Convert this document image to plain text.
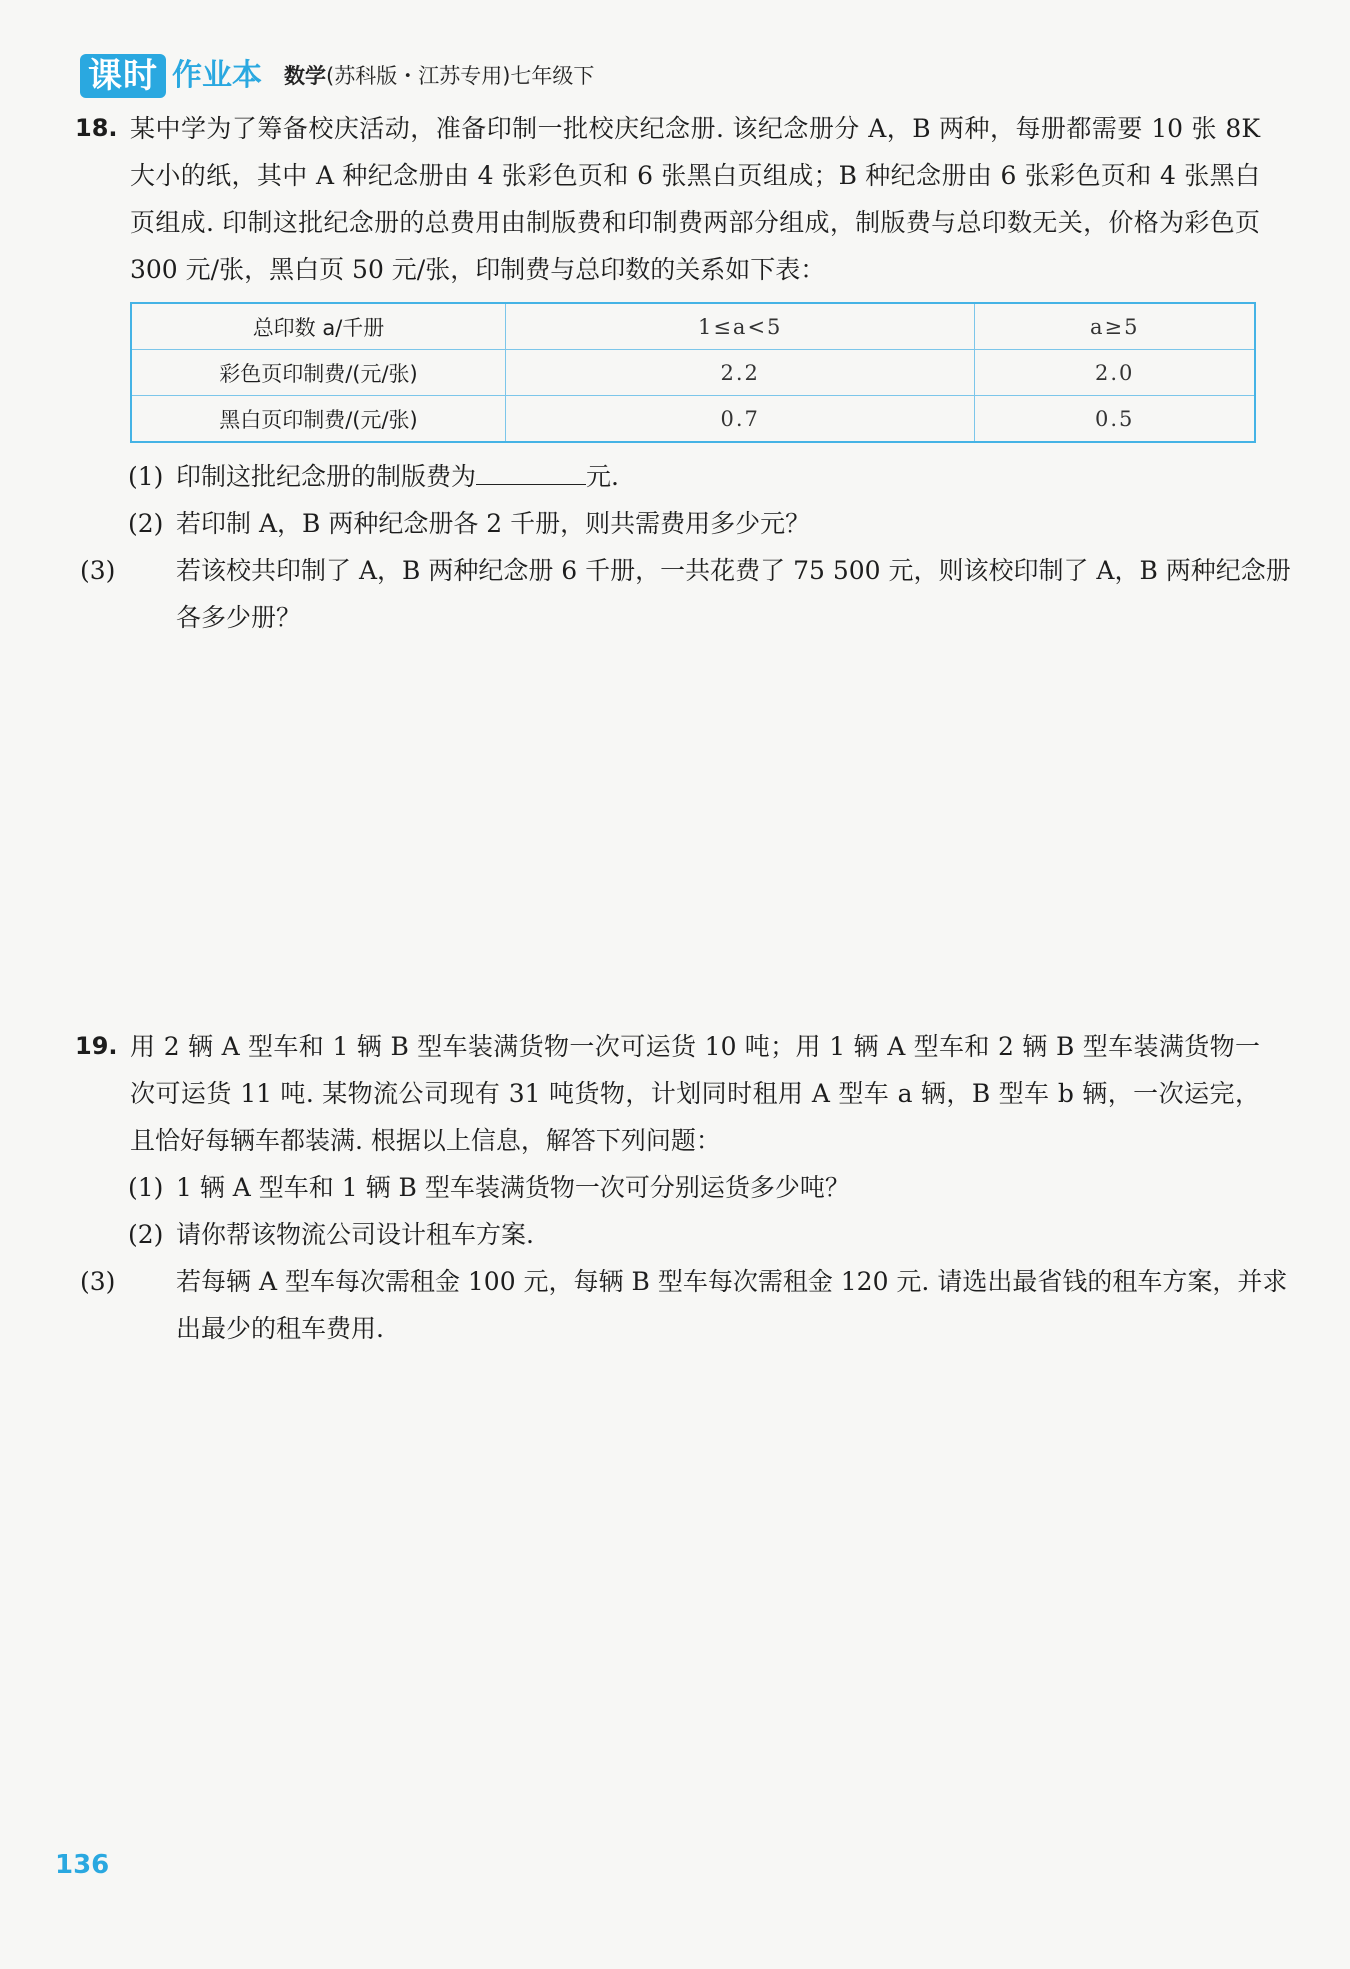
课时 作业本 数学(苏科版・江苏专用)七年级下
18. 某中学为了筹备校庆活动，准备印制一批校庆纪念册. 该纪念册分 A，B 两种，每册都需要 10 张 8K 大小的纸，其中 A 种纪念册由 4 张彩色页和 6 张黑白页组成；B 种纪念册由 6 张彩色页和 4 张黑白页组成. 印制这批纪念册的总费用由制版费和印制费两部分组成，制版费与总印数无关，价格为彩色页 300 元/张，黑白页 50 元/张，印制费与总印数的关系如下表：
总印数 a/千册	1≤a<5	a≥5
彩色页印制费/(元/张)	2.2	2.0
黑白页印制费/(元/张)	0.7	0.5
(1) 印制这批纪念册的制版费为	元.
(2) 若印制 A，B 两种纪念册各 2 千册，则共需费用多少元？
(3) 若该校共印制了 A，B 两种纪念册 6 千册，一共花费了 75 500 元，则该校印制了 A，B 两种纪念册各多少册？
19. 用 2 辆 A 型车和 1 辆 B 型车装满货物一次可运货 10 吨；用 1 辆 A 型车和 2 辆 B 型车装满货物一次可运货 11 吨. 某物流公司现有 31 吨货物，计划同时租用 A 型车 a 辆，B 型车 b 辆，一次运完，且恰好每辆车都装满. 根据以上信息，解答下列问题：
(1) 1 辆 A 型车和 1 辆 B 型车装满货物一次可分别运货多少吨？
(2) 请你帮该物流公司设计租车方案.
(3) 若每辆 A 型车每次需租金 100 元，每辆 B 型车每次需租金 120 元. 请选出最省钱的租车方案，并求出最少的租车费用.
136
